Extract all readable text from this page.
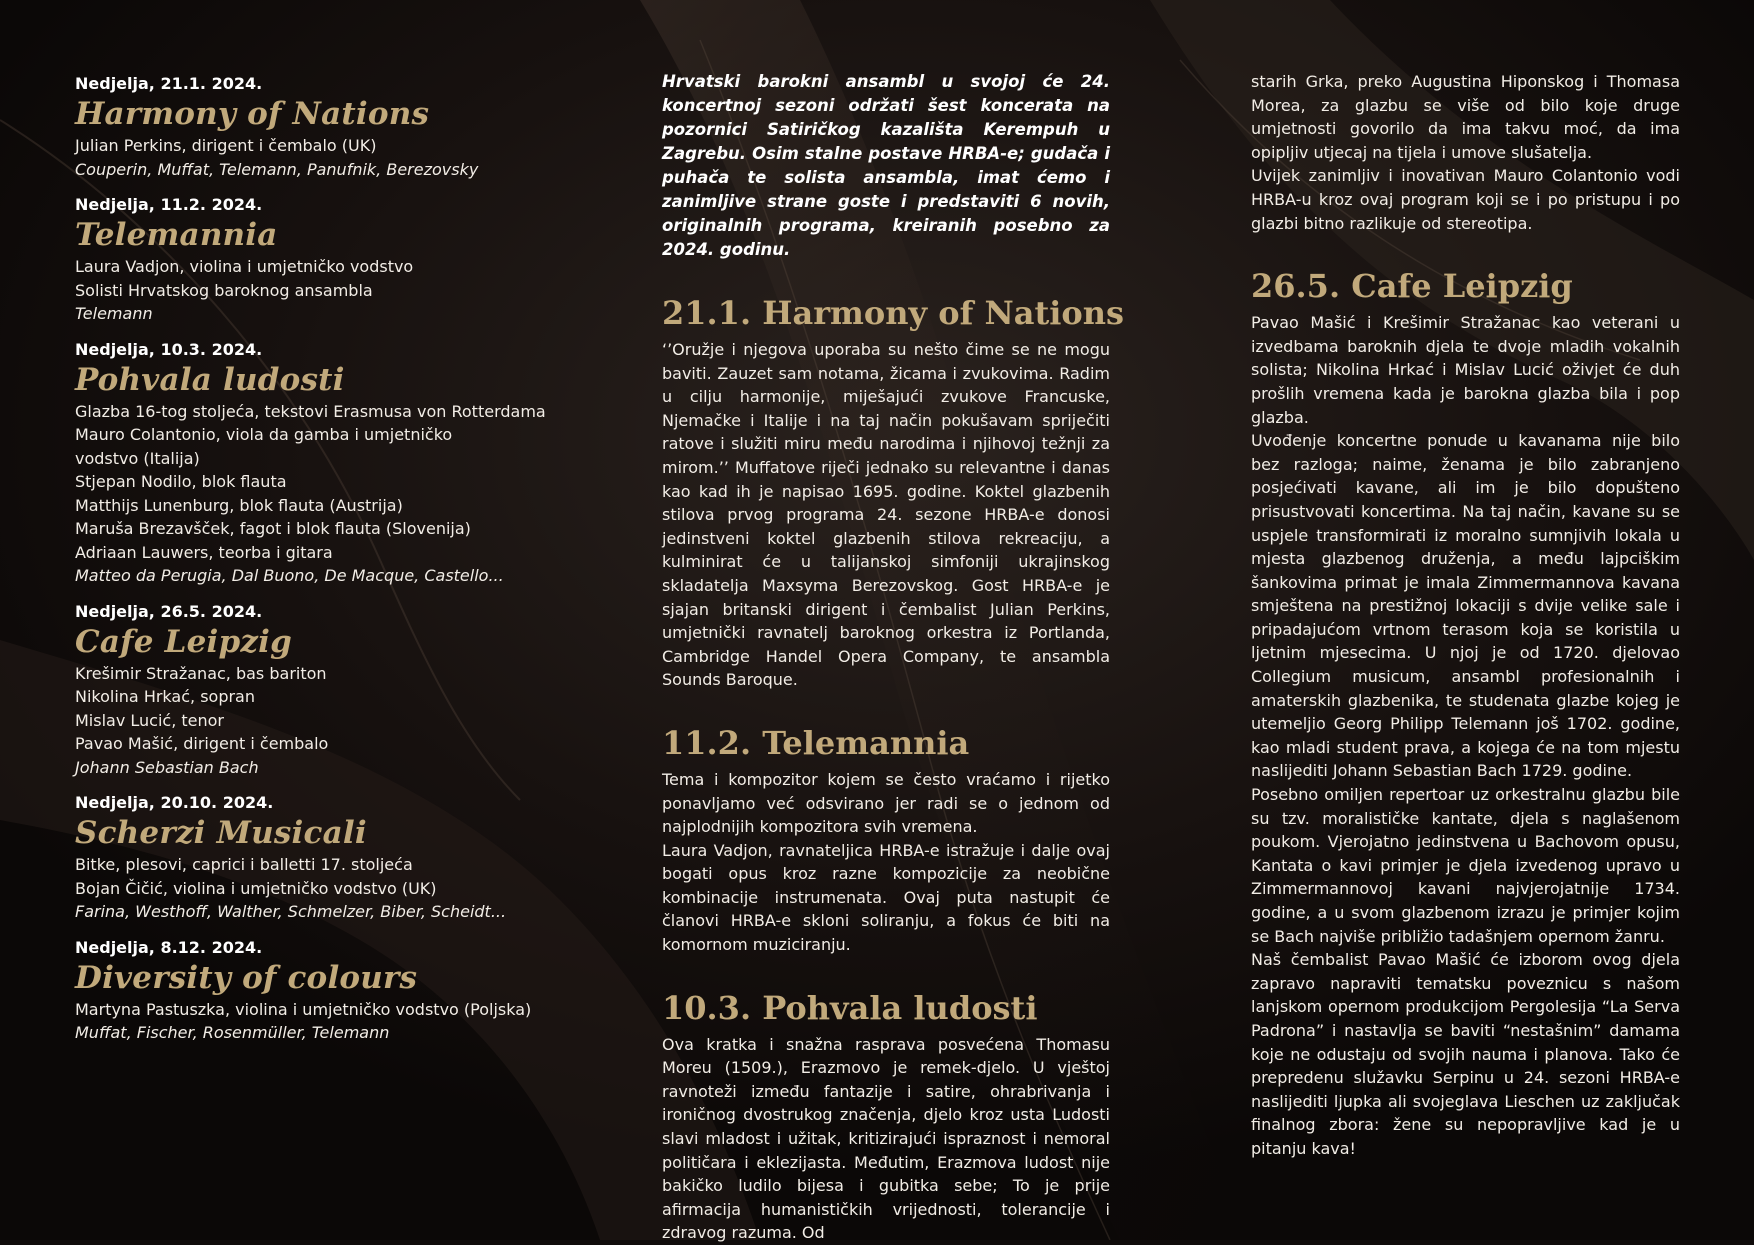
Nedjelja, 21.1. 2024.
Harmony of Nations
Julian Perkins, dirigent i čembalo (UK)
Couperin, Muffat, Telemann, Panufnik, Berezovsky
Nedjelja, 11.2. 2024.
Telemannia
Laura Vadjon, violina i umjetničko vodstvo
Solisti Hrvatskog baroknog ansambla
Telemann
Nedjelja, 10.3. 2024.
Pohvala ludosti
Glazba 16-tog stoljeća, tekstovi Erasmusa von Rotterdama
Mauro Colantonio, viola da gamba i umjetničko
vodstvo (Italija)
Stjepan Nodilo, blok flauta
Matthijs Lunenburg, blok flauta (Austrija)
Maruša Brezavšček, fagot i blok flauta (Slovenija)
Adriaan Lauwers, teorba i gitara
Matteo da Perugia, Dal Buono, De Macque, Castello...
Nedjelja, 26.5. 2024.
Cafe Leipzig
Krešimir Stražanac, bas bariton
Nikolina Hrkać, sopran
Mislav Lucić, tenor
Pavao Mašić, dirigent i čembalo
Johann Sebastian Bach
Nedjelja, 20.10. 2024.
Scherzi Musicali
Bitke, plesovi, caprici i balletti 17. stoljeća
Bojan Čičić, violina i umjetničko vodstvo (UK)
Farina, Westhoff, Walther, Schmelzer, Biber, Scheidt...
Nedjelja, 8.12. 2024.
Diversity of colours
Martyna Pastuszka, violina i umjetničko vodstvo (Poljska)
Muffat, Fischer, Rosenmüller, Telemann

Hrvatski barokni ansambl u svojoj će 24. koncertnoj sezoni održati šest koncerata na pozornici Satiričkog kazališta Kerempuh u Zagrebu. Osim stalne postave HRBA-e; gudača i puhača te solista ansambla, imat ćemo i zanimljive strane goste i predstaviti 6 novih, originalnih programa, kreiranih posebno za 2024. godinu.

21.1. Harmony of Nations

‘’Oružje i njegova uporaba su nešto čime se ne mogu baviti. Zauzet sam notama, žicama i zvukovima. Radim u cilju harmonije, miješajući zvukove Francuske, Njemačke i Italije i na taj način pokušavam spriječiti ratove i služiti miru među narodima i njihovoj težnji za mirom.’’ Muffatove riječi jednako su relevantne i danas kao kad ih je napisao 1695. godine. Koktel glazbenih stilova prvog programa 24. sezone HRBA-e donosi jedinstveni koktel glazbenih stilova rekreaciju, a kulminirat će u talijanskoj simfoniji ukrajinskog skladatelja Maxsyma Berezovskog. Gost HRBA-e je sjajan britanski dirigent i čembalist Julian Perkins, umjetnički ravnatelj baroknog orkestra iz Portlanda, Cambridge Handel Opera Company, te ansambla Sounds Baroque.

11.2. Telemannia

Tema i kompozitor kojem se često vraćamo i rijetko ponavljamo već odsvirano jer radi se o jednom od najplodnijih kompozitora svih vremena.

Laura Vadjon, ravnateljica HRBA-e istražuje i dalje ovaj bogati opus kroz razne kompozicije za neobične kombinacije instrumenata. Ovaj puta nastupit će članovi HRBA-e skloni soliranju, a fokus će biti na komornom muziciranju.

10.3. Pohvala ludosti

Ova kratka i snažna rasprava posvećena Thomasu Moreu (1509.), Erazmovo je remek-djelo. U vještoj ravnoteži između fantazije i satire, ohrabrivanja i ironičnog dvostrukog značenja, djelo kroz usta Ludosti slavi mladost i užitak, kritizirajući ispraznost i nemoral političara i eklezijasta. Međutim, Erazmova ludost nije bakičko ludilo bijesa i gubitka sebe; To je prije afirmacija humanističkih vrijednosti, tolerancije i zdravog razuma. Od

starih Grka, preko Augustina Hiponskog i Thomasa Morea, za glazbu se više od bilo koje druge umjetnosti govorilo da ima takvu moć, da ima opipljiv utjecaj na tijela i umove slušatelja.

Uvijek zanimljiv i inovativan Mauro Colantonio vodi HRBA-u kroz ovaj program koji se i po pristupu i po glazbi bitno razlikuje od stereotipa.

26.5. Cafe Leipzig

Pavao Mašić i Krešimir Stražanac kao veterani u izvedbama baroknih djela te dvoje mladih vokalnih solista; Nikolina Hrkać i Mislav Lucić oživjet će duh prošlih vremena kada je barokna glazba bila i pop glazba.

Uvođenje koncertne ponude u kavanama nije bilo bez razloga; naime, ženama je bilo zabranjeno posjećivati kavane, ali im je bilo dopušteno prisustvovati koncertima. Na taj način, kavane su se uspjele transformirati iz moralno sumnjivih lokala u mjesta glazbenog druženja, a među lajpciškim šankovima primat je imala Zimmermannova kavana smještena na prestižnoj lokaciji s dvije velike sale i pripadajućom vrtnom terasom koja se koristila u ljetnim mjesecima. U njoj je od 1720. djelovao Collegium musicum, ansambl profesionalnih i amaterskih glazbenika, te studenata glazbe kojeg je utemeljio Georg Philipp Telemann još 1702. godine, kao mladi student prava, a kojega će na tom mjestu naslijediti Johann Sebastian Bach 1729. godine.

Posebno omiljen repertoar uz orkestralnu glazbu bile su tzv. moralističke kantate, djela s naglašenom poukom. Vjerojatno jedinstvena u Bachovom opusu, Kantata o kavi primjer je djela izvedenog upravo u Zimmermannovoj kavani najvjerojatnije 1734. godine, a u svom glazbenom izrazu je primjer kojim se Bach najviše približio tadašnjem opernom žanru.

Naš čembalist Pavao Mašić će izborom ovog djela zapravo napraviti tematsku poveznicu s našom lanjskom opernom produkcijom Pergolesija “La Serva Padrona” i nastavlja se baviti “nestašnim” damama koje ne odustaju od svojih nauma i planova. Tako će prepredenu služavku Serpinu u 24. sezoni HRBA-e naslijediti ljupka ali svojeglava Lieschen uz zaključak finalnog zbora: žene su nepopravljive kad je u pitanju kava!
